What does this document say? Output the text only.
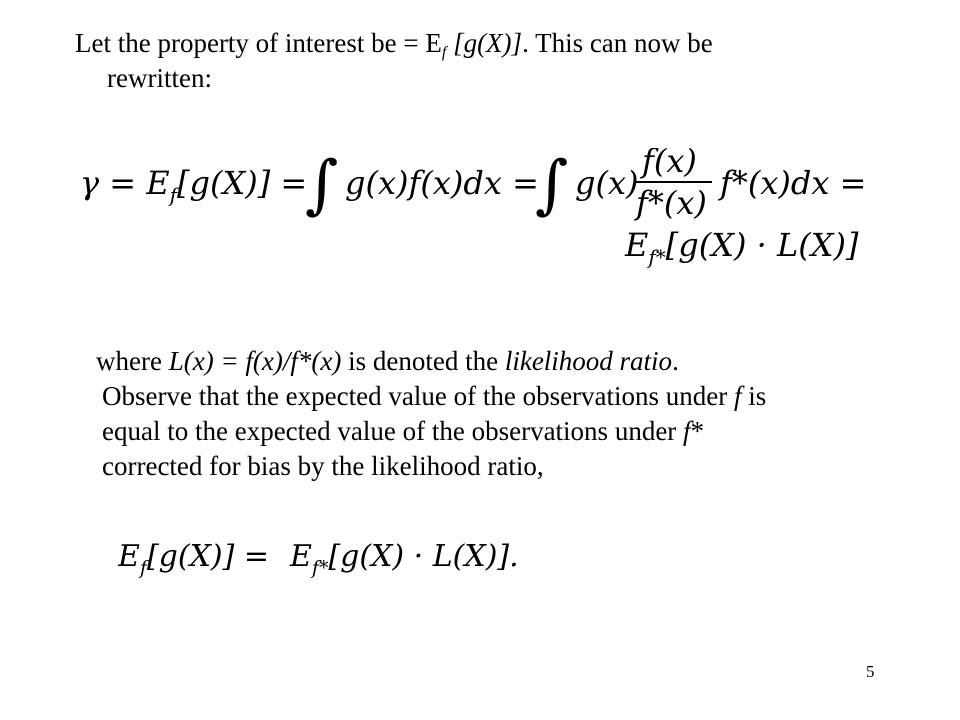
Let the property of interest be = $E_f$ [g(X)]. This can now be
rewritten:

$\gamma = E_f[g(X)]$ =
∫ g(x)f(x)dx =
∫ g(x)
f(x)
f*(x)
f*(x)dx =
$E_{f*}[g(X) \cdot L(X)]$

where L(x) = f(x)/f*(x) is denoted the likelihood ratio.
Observe that the expected value of the observations under f is
equal to the expected value of the observations under f*
corrected for bias by the likelihood ratio,

$E_f[g(X)] = E_{f*}[g(X) \cdot L(X)]$.
5
